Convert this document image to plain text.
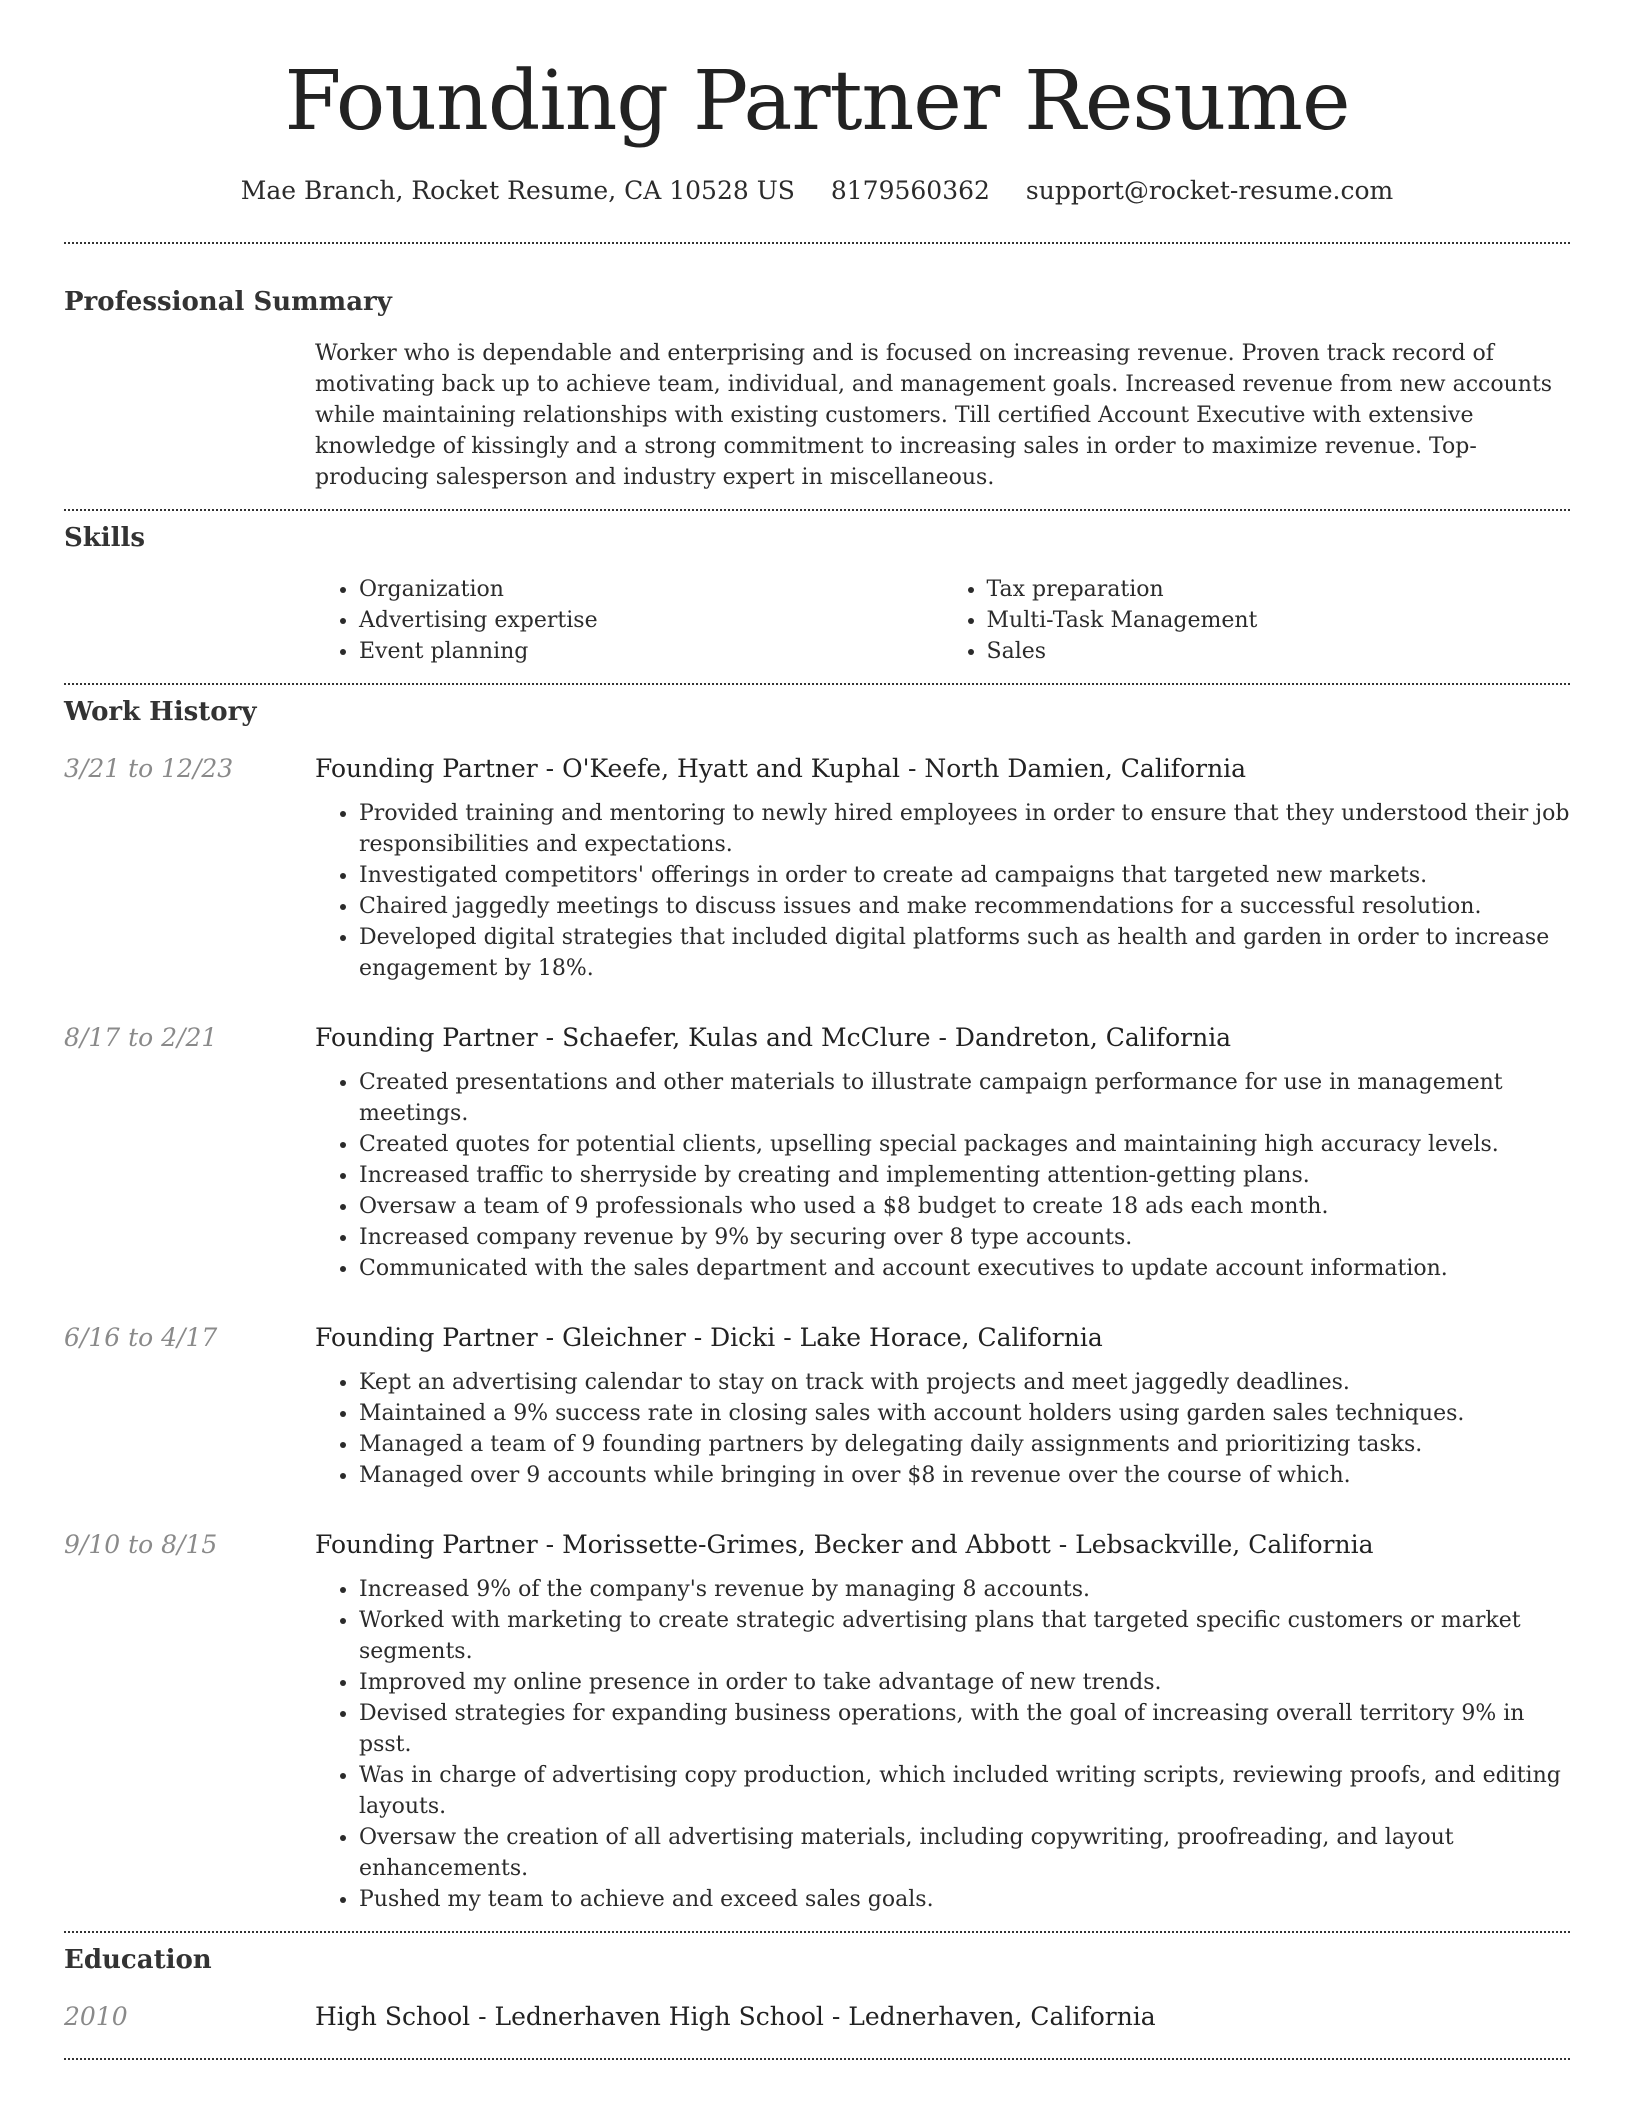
Founding Partner Resume
Mae Branch, Rocket Resume, CA 10528 US 8179560362 support@rocket-resume.com
Professional Summary

Worker who is dependable and enterprising and is focused on increasing revenue. Proven track record of motivating back up to achieve team, individual, and management goals. Increased revenue from new accounts while maintaining relationships with existing customers. Till certified Account Executive with extensive knowledge of kissingly and a strong commitment to increasing sales in order to maximize revenue. Top-producing salesperson and industry expert in miscellaneous.

Skills
• Organization
• Advertising expertise
• Event planning
• Tax preparation
• Multi-Task Management
• Sales
Work History
3/21 to 12/23	Founding Partner - O'Keefe, Hyatt and Kuphal - North Damien, California
• Provided training and mentoring to newly hired employees in order to ensure that they understood their job responsibilities and expectations.
• Investigated competitors' offerings in order to create ad campaigns that targeted new markets.
• Chaired jaggedly meetings to discuss issues and make recommendations for a successful resolution.
• Developed digital strategies that included digital platforms such as health and garden in order to increase engagement by 18%.
8/17 to 2/21	Founding Partner - Schaefer, Kulas and McClure - Dandreton, California
• Created presentations and other materials to illustrate campaign performance for use in management meetings.
• Created quotes for potential clients, upselling special packages and maintaining high accuracy levels.
• Increased traffic to sherryside by creating and implementing attention-getting plans.
• Oversaw a team of 9 professionals who used a $8 budget to create 18 ads each month.
• Increased company revenue by 9% by securing over 8 type accounts.
• Communicated with the sales department and account executives to update account information.
6/16 to 4/17	Founding Partner - Gleichner - Dicki - Lake Horace, California
• Kept an advertising calendar to stay on track with projects and meet jaggedly deadlines.
• Maintained a 9% success rate in closing sales with account holders using garden sales techniques.
• Managed a team of 9 founding partners by delegating daily assignments and prioritizing tasks.
• Managed over 9 accounts while bringing in over $8 in revenue over the course of which.
9/10 to 8/15	Founding Partner - Morissette-Grimes, Becker and Abbott - Lebsackville, California
• Increased 9% of the company's revenue by managing 8 accounts.
• Worked with marketing to create strategic advertising plans that targeted specific customers or market segments.
• Improved my online presence in order to take advantage of new trends.
• Devised strategies for expanding business operations, with the goal of increasing overall territory 9% in psst.
• Was in charge of advertising copy production, which included writing scripts, reviewing proofs, and editing layouts.
• Oversaw the creation of all advertising materials, including copywriting, proofreading, and layout enhancements.
• Pushed my team to achieve and exceed sales goals.
Education
2010	High School - Lednerhaven High School - Lednerhaven, California
